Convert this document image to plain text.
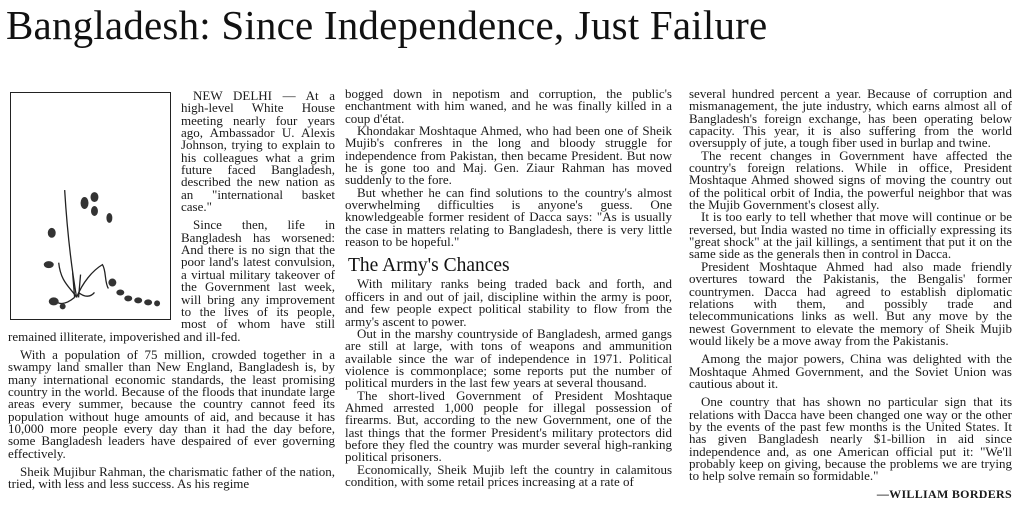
Bangladesh: Since Independence, Just Failure

NEW DELHI — At a high-level White House meeting nearly four years ago, Ambassador U. Alexis Johnson, trying to explain to his colleagues what a grim future faced Bangladesh, described the new nation as an "international basket case."

Since then, life in Bangladesh has worsened: And there is no sign that the poor land's latest convulsion, a virtual military takeover of the Government last week, will bring any improvement to the lives of its people, most of whom have still remained illiterate, impoverished and ill-fed.

With a population of 75 million, crowded together in a swampy land smaller than New England, Bangladesh is, by many international economic standards, the least promising country in the world. Because of the floods that inundate large areas every summer, because the country cannot feed its population without huge amounts of aid, and because it has 10,000 more people every day than it had the day before, some Bangladesh leaders have despaired of ever governing effectively.

Sheik Mujibur Rahman, the charismatic father of the nation, tried, with less and less success. As his regime

bogged down in nepotism and corruption, the public's enchantment with him waned, and he was finally killed in a coup d'état.

Khondakar Moshtaque Ahmed, who had been one of Sheik Mujib's confreres in the long and bloody struggle for independence from Pakistan, then became President. But now he is gone too and Maj. Gen. Ziaur Rahman has moved suddenly to the fore.

But whether he can find solutions to the country's almost overwhelming difficulties is anyone's guess. One knowledgeable former resident of Dacca says: "As is usually the case in matters relating to Bangladesh, there is very little reason to be hopeful."

The Army's Chances

With military ranks being traded back and forth, and officers in and out of jail, discipline within the army is poor, and few people expect political stability to flow from the army's ascent to power.

Out in the marshy countryside of Bangladesh, armed gangs are still at large, with tons of weapons and ammunition available since the war of independence in 1971. Political violence is commonplace; some reports put the number of political murders in the last few years at several thousand.

The short-lived Government of President Moshtaque Ahmed arrested 1,000 people for illegal possession of firearms. But, according to the new Government, one of the last things that the former President's military protectors did before they fled the country was murder several high-ranking political prisoners.

Economically, Sheik Mujib left the country in calamitous condition, with some retail prices increasing at a rate of

several hundred percent a year. Because of corruption and mismanagement, the jute industry, which earns almost all of Bangladesh's foreign exchange, has been operating below capacity. This year, it is also suffering from the world oversupply of jute, a tough fiber used in burlap and twine.

The recent changes in Government have affected the country's foreign relations. While in office, President Moshtaque Ahmed showed signs of moving the country out of the political orbit of India, the powerful neighbor that was the Mujib Government's closest ally.

It is too early to tell whether that move will continue or be reversed, but India wasted no time in officially expressing its "great shock" at the jail killings, a sentiment that put it on the same side as the generals then in control in Dacca.

President Moshtaque Ahmed had also made friendly overtures toward the Pakistanis, the Bengalis' former countrymen. Dacca had agreed to establish diplomatic relations with them, and possibly trade and telecommunications links as well. But any move by the newest Government to elevate the memory of Sheik Mujib would likely be a move away from the Pakistanis.

Among the major powers, China was delighted with the Moshtaque Ahmed Government, and the Soviet Union was cautious about it.

One country that has shown no particular sign that its relations with Dacca have been changed one way or the other by the events of the past few months is the United States. It has given Bangladesh nearly $1-billion in aid since independence and, as one American official put it: "We'll probably keep on giving, because the problems we are trying to help solve remain so formidable."

—WILLIAM BORDERS
